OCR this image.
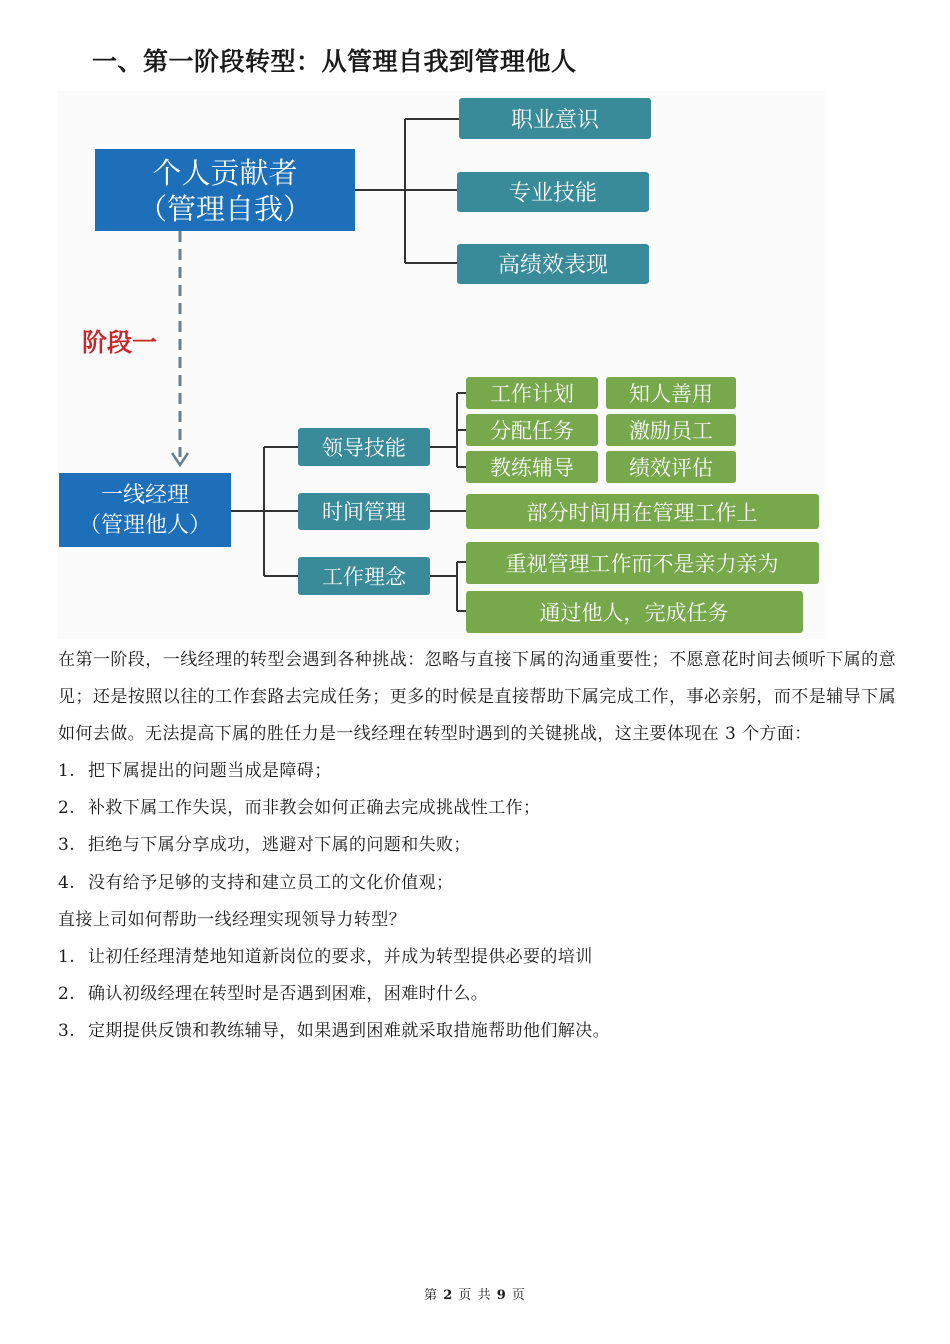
一、第一阶段转型：从管理自我到管理他人
个人贡献者
（管理自我）
职业意识
专业技能
高绩效表现
阶段一
一线经理
（管理他人）
领导技能
时间管理
工作理念
工作计划	知人善用
分配任务	激励员工
教练辅导	绩效评估
部分时间用在管理工作上
重视管理工作而不是亲力亲为
通过他人，完成任务

在第一阶段，一线经理的转型会遇到各种挑战：忽略与直接下属的沟通重要性；不愿意花时间去倾听下属的意见；还是按照以往的工作套路去完成任务；更多的时候是直接帮助下属完成工作，事必亲躬，而不是辅导下属如何去做。无法提高下属的胜任力是一线经理在转型时遇到的关键挑战，这主要体现在 3 个方面：

1. 把下属提出的问题当成是障碍；

2. 补救下属工作失误，而非教会如何正确去完成挑战性工作；

3. 拒绝与下属分享成功，逃避对下属的问题和失败；

4. 没有给予足够的支持和建立员工的文化价值观；

直接上司如何帮助一线经理实现领导力转型？

1. 让初任经理清楚地知道新岗位的要求，并成为转型提供必要的培训

2. 确认初级经理在转型时是否遇到困难，困难时什么。

3. 定期提供反馈和教练辅导，如果遇到困难就采取措施帮助他们解决。

第 2 页 共 9 页
